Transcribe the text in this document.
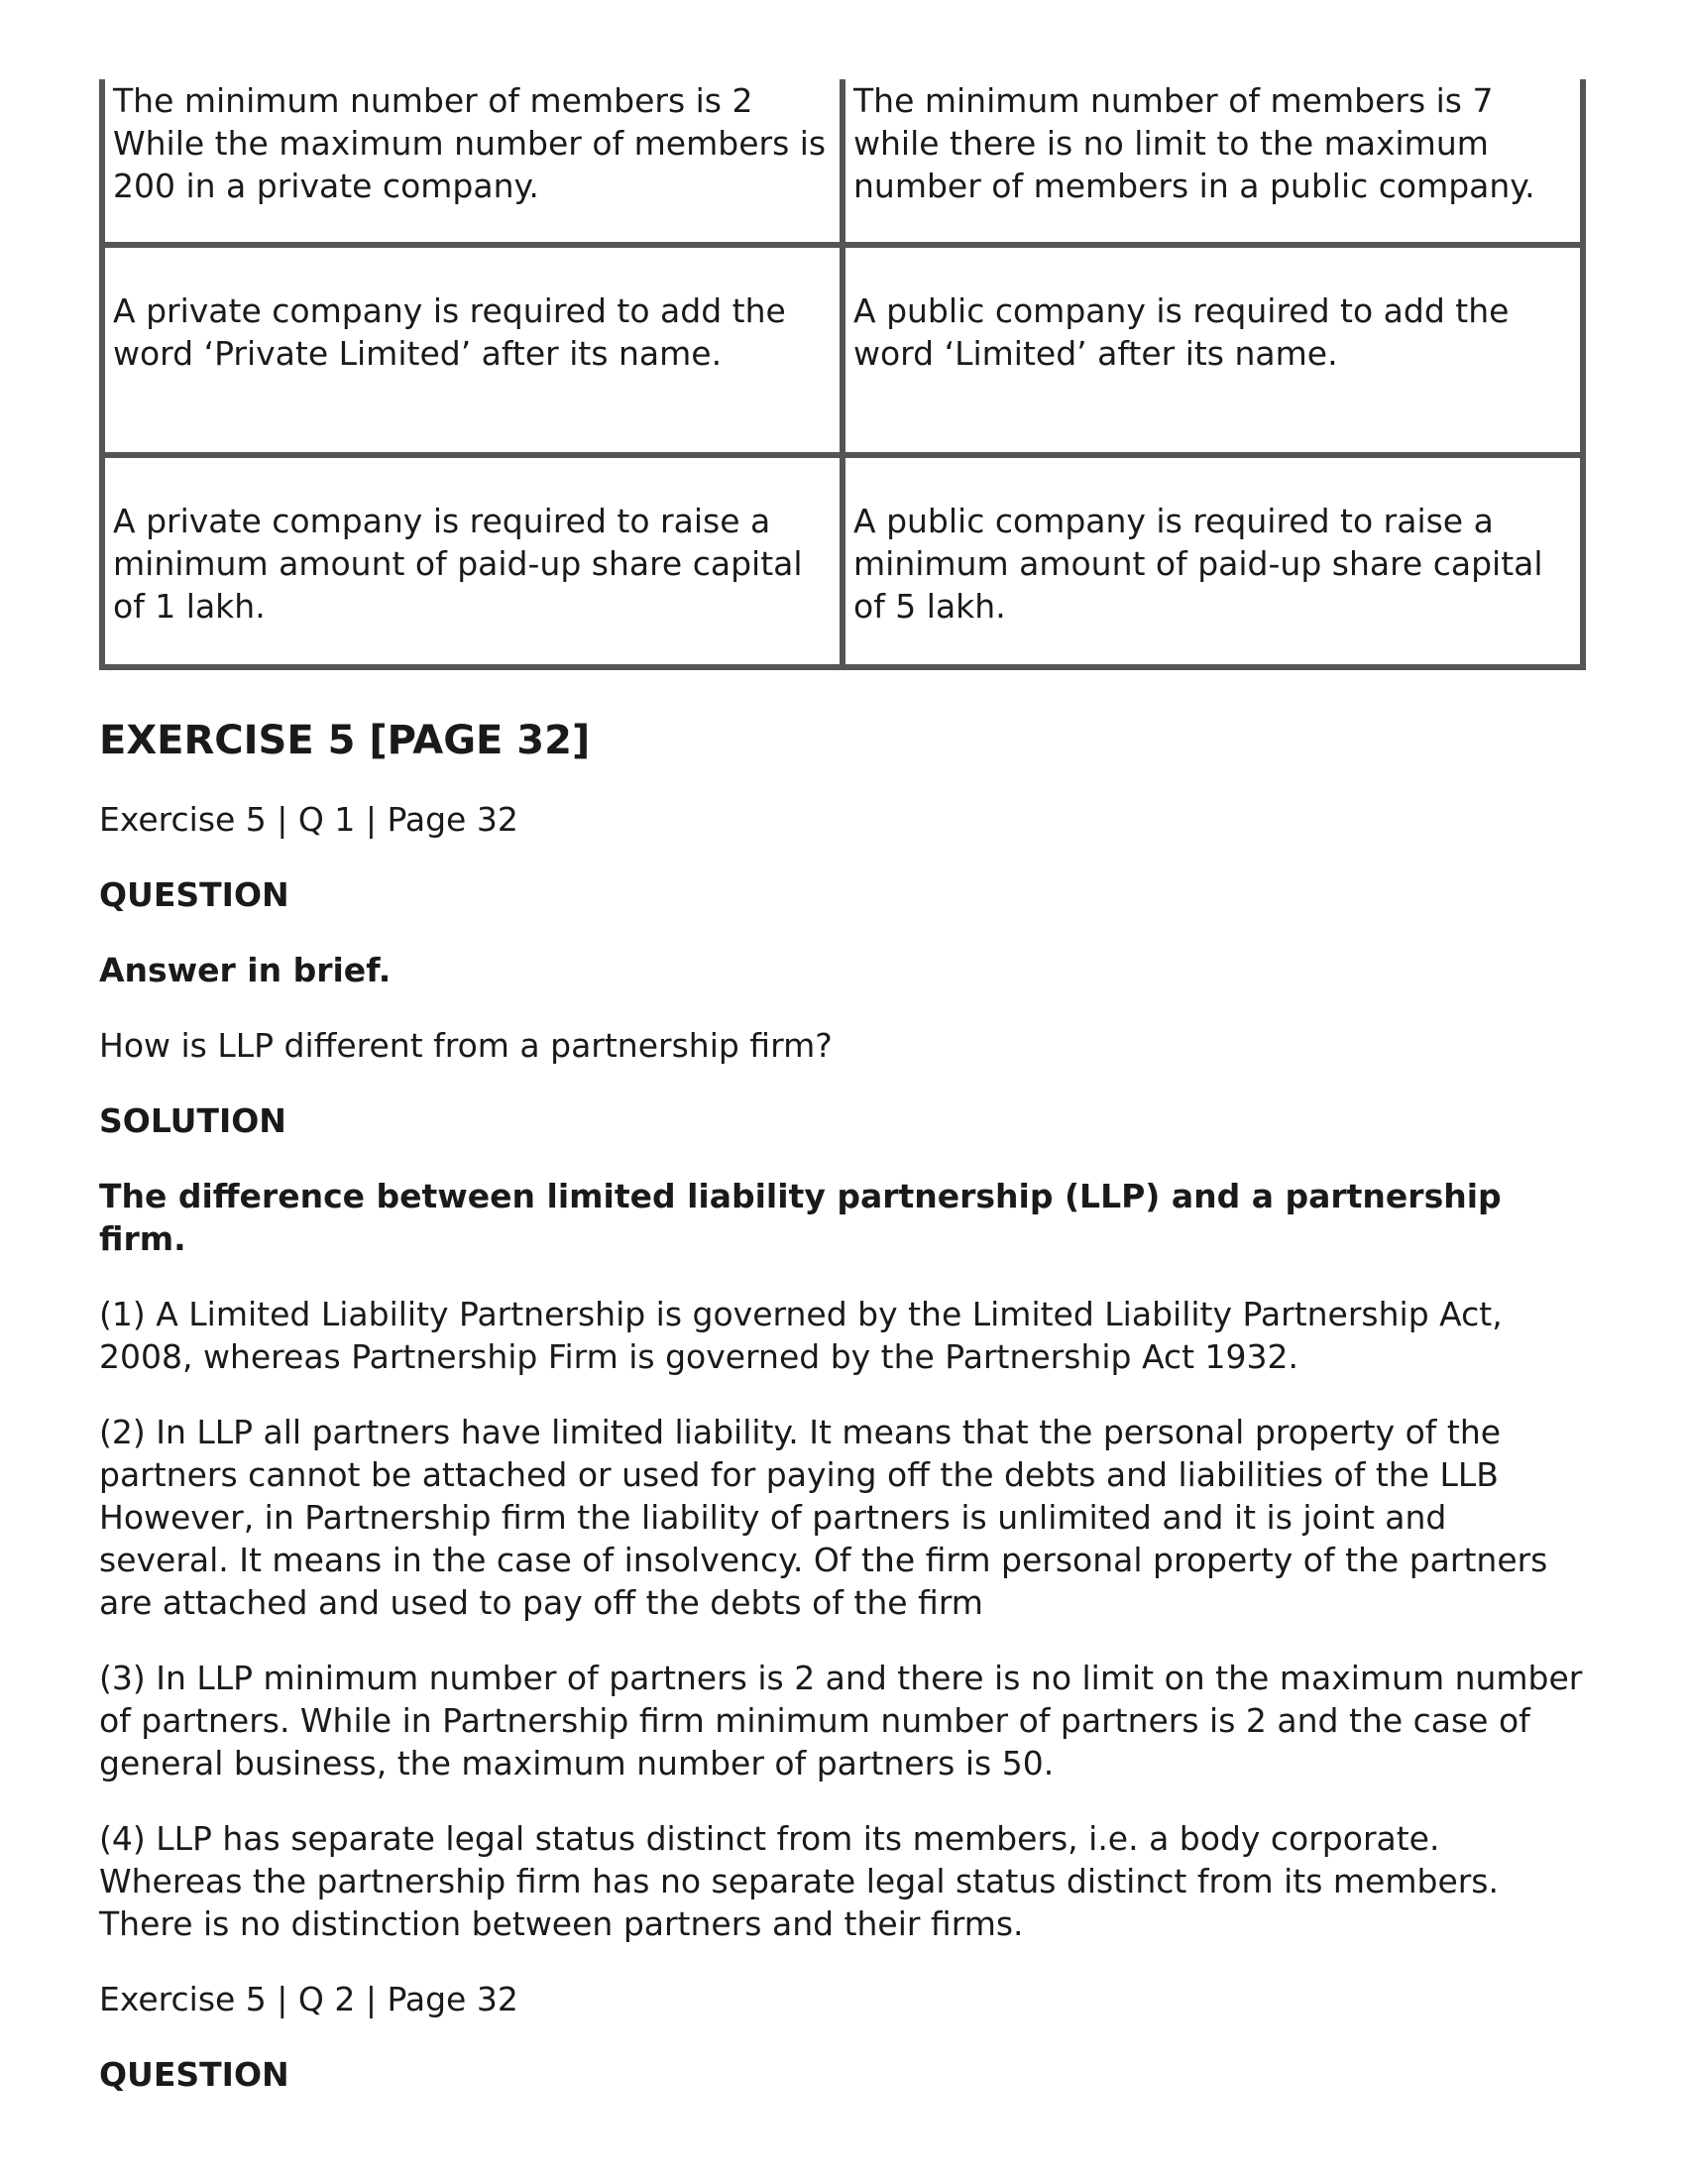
The minimum number of members is 2 While the maximum number of members is 200 in a private company.	The minimum number of members is 7 while there is no limit to the maximum number of members in a public company.
A private company is required to add the word ‘Private Limited’ after its name.	A public company is required to add the word ‘Limited’ after its name.
A private company is required to raise a minimum amount of paid-up share capital of 1 lakh.	A public company is required to raise a minimum amount of paid-up share capital of 5 lakh.
EXERCISE 5 [PAGE 32]

Exercise 5 | Q 1 | Page 32

QUESTION

Answer in brief.

How is LLP different from a partnership firm?

SOLUTION

The difference between limited liability partnership (LLP) and a partnership firm.

(1) A Limited Liability Partnership is governed by the Limited Liability Partnership Act, 2008, whereas Partnership Firm is governed by the Partnership Act 1932.

(2) In LLP all partners have limited liability. It means that the personal property of the partners cannot be attached or used for paying off the debts and liabilities of the LLB However, in Partnership firm the liability of partners is unlimited and it is joint and several. It means in the case of insolvency. Of the firm personal property of the partners are attached and used to pay off the debts of the firm

(3) In LLP minimum number of partners is 2 and there is no limit on the maximum number of partners. While in Partnership firm minimum number of partners is 2 and the case of general business, the maximum number of partners is 50.

(4) LLP has separate legal status distinct from its members, i.e. a body corporate. Whereas the partnership firm has no separate legal status distinct from its members. There is no distinction between partners and their firms.

Exercise 5 | Q 2 | Page 32

QUESTION
